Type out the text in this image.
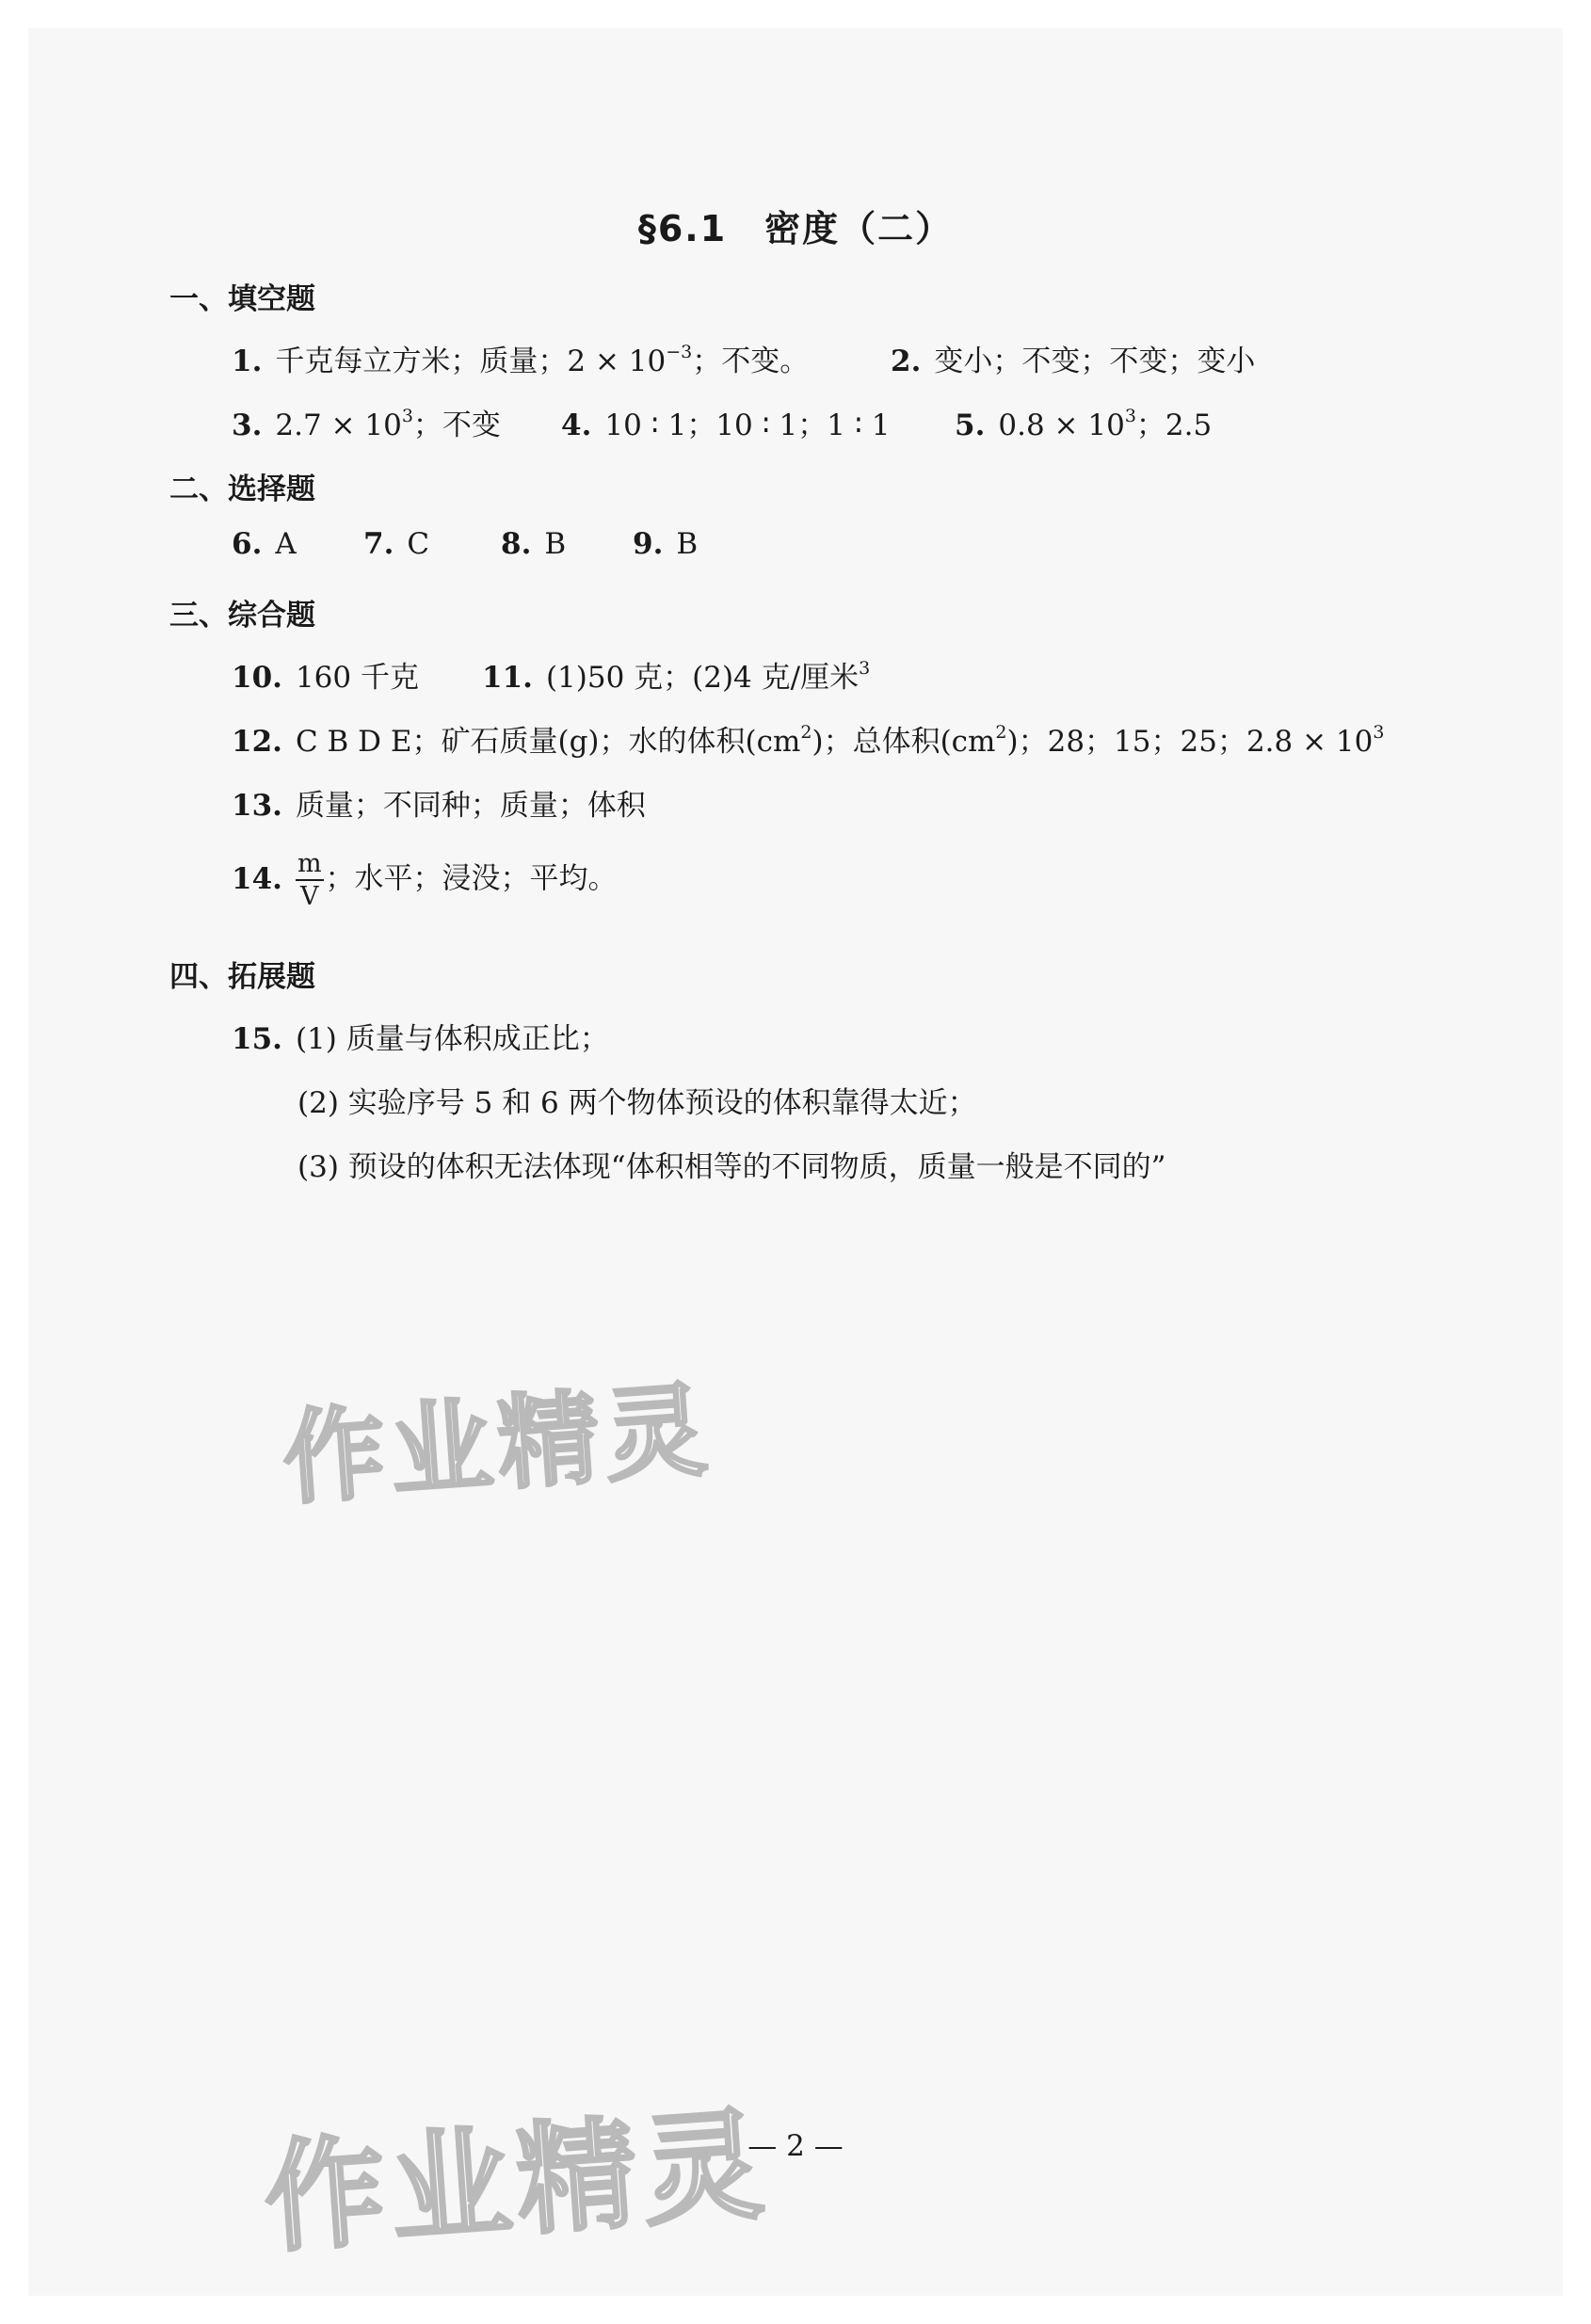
§6.1　密度（二）
一、填空题
1. 千克每立方米；质量；$2 \times 10^{-3}$；不变。	2. 变小；不变；不变；变小
3. $2.7 \times 10^3$；不变 4. 10 ∶ 1；10 ∶ 1；1 ∶ 1 5. $0.8 \times 10^3$；2.5
二、选择题
6. A 7. C 8. B 9. B
三、综合题
10. 160 千克 11. (1)50 克；(2)4 克/厘米$^3$
12. C B D E；矿石质量(g)；水的体积$(cm^2)$；总体积$(cm^2)$；28；15；25；$2.8 \times 10^3$
13. 质量；不同种；质量；体积
14. $\frac{m}{V}$ ；水平；浸没；平均。
四、拓展题
15. (1) 质量与体积成正比；
(2) 实验序号 5 和 6 两个物体预设的体积靠得太近；
(3) 预设的体积无法体现“体积相等的不同物质，质量一般是不同的”
作业精灵
作业精灵
— 2 —
